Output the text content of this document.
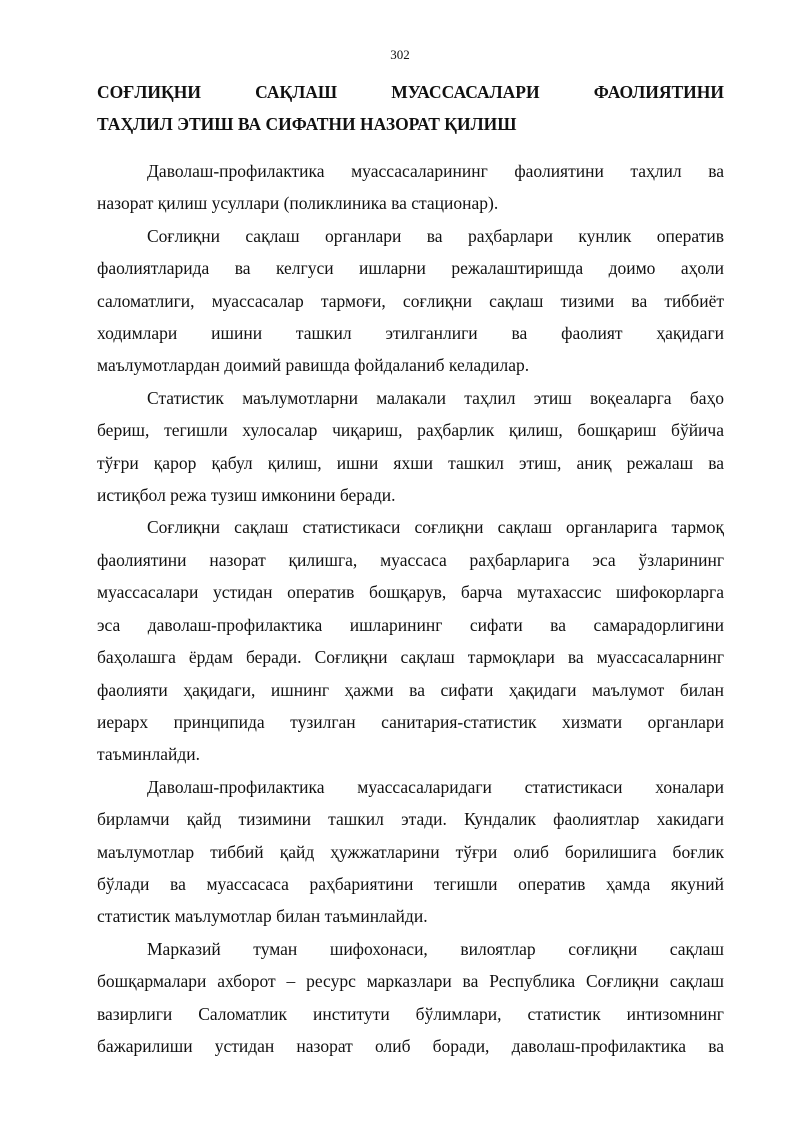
302
СОҒЛИҚНИ САҚЛАШ МУАССАСАЛАРИ ФАОЛИЯТИНИ
ТАҲЛИЛ ЭТИШ ВА СИФАТНИ НАЗОРАТ ҚИЛИШ
Даволаш-профилактика муассасаларининг фаолиятини таҳлил ва
назорат қилиш усуллари (поликлиника ва стационар).
Соғлиқни сақлаш органлари ва раҳбарлари кунлик оператив
фаолиятларида ва келгуси ишларни режалаштиришда доимо аҳоли
саломатлиги, муассасалар тармоғи, соғлиқни сақлаш тизими ва тиббиёт
ходимлари ишини ташкил этилганлиги ва фаолият ҳақидаги
маълумотлардан доимий равишда фойдаланиб келадилар.
Статистик маълумотларни малакали таҳлил этиш воқеаларга баҳо
бериш, тегишли хулосалар чиқариш, раҳбарлик қилиш, бошқариш бўйича
тўғри қарор қабул қилиш, ишни яхши ташкил этиш, аниқ режалаш ва
истиқбол режа тузиш имконини беради.
Соғлиқни сақлаш статистикаси соғлиқни сақлаш органларига тармоқ
фаолиятини назорат қилишга, муассаса раҳбарларига эса ўзларининг
муассасалари устидан оператив бошқарув, барча мутахассис шифокорларга
эса даволаш-профилактика ишларининг сифати ва самарадорлигини
баҳолашга ёрдам беради. Соғлиқни сақлаш тармоқлари ва муассасаларнинг
фаолияти ҳақидаги, ишнинг ҳажми ва сифати ҳақидаги маълумот билан
иерарх принципида тузилган санитария-статистик хизмати органлари
таъминлайди.
Даволаш-профилактика муассасаларидаги статистикаси хоналари
бирламчи қайд тизимини ташкил этади. Кундалик фаолиятлар хакидаги
маълумотлар тиббий қайд ҳужжатларини тўғри олиб борилишига боғлик
бўлади ва муассасаса раҳбариятини тегишли оператив ҳамда якуний
статистик маълумотлар билан таъминлайди.
Марказий туман шифохонаси, вилоятлар соғлиқни сақлаш
бошқармалари ахборот – ресурс марказлари ва Республика Соғлиқни сақлаш
вазирлиги Саломатлик институти бўлимлари, статистик интизомнинг
бажарилиши устидан назорат олиб боради, даволаш-профилактика ва
